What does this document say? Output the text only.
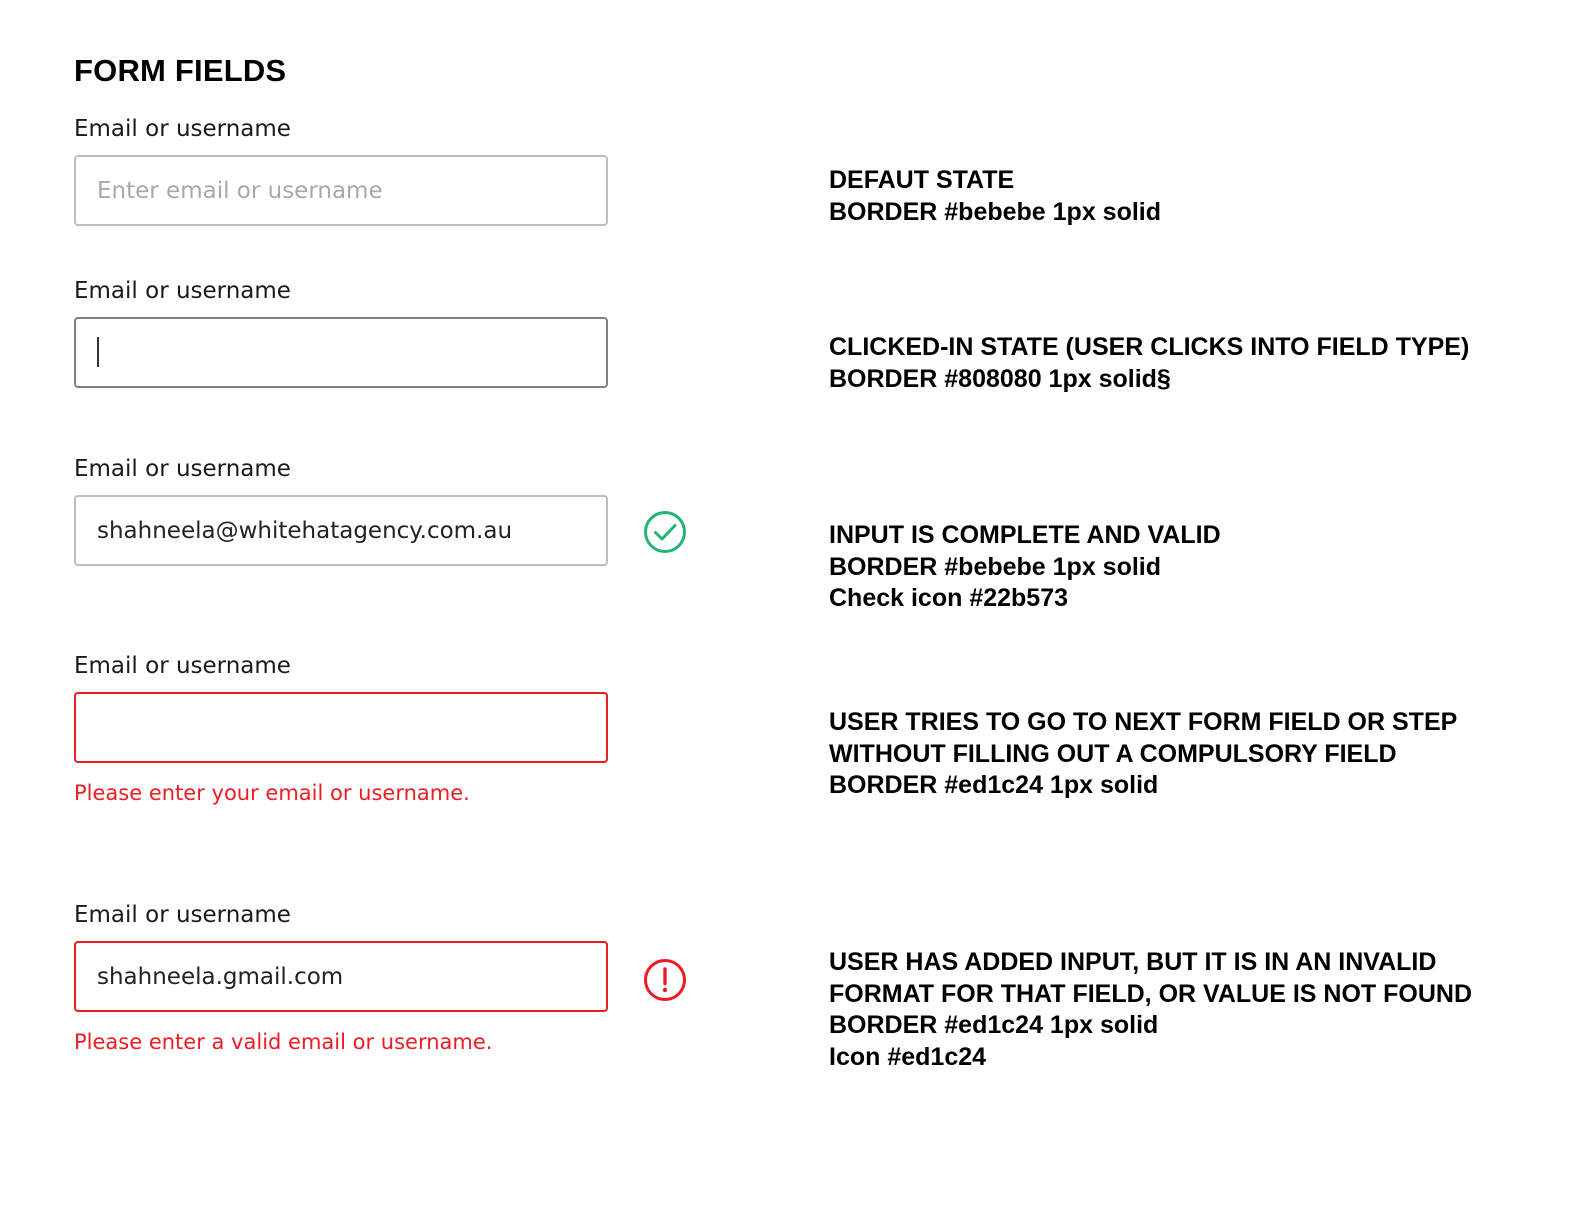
FORM FIELDS
Email or username
Enter email or username
Email or username
Email or username
shahneela@whitehatagency.com.au
Email or username
Please enter your email or username.
Email or username
shahneela.gmail.com
Please enter a valid email or username.
DEFAUT STATE
BORDER #bebebe 1px solid
CLICKED-IN STATE (USER CLICKS INTO FIELD TYPE)
BORDER #808080 1px solid§
INPUT IS COMPLETE AND VALID
BORDER #bebebe 1px solid
Check icon #22b573
USER TRIES TO GO TO NEXT FORM FIELD OR STEP
WITHOUT FILLING OUT A COMPULSORY FIELD
BORDER #ed1c24 1px solid
USER HAS ADDED INPUT, BUT IT IS IN AN INVALID
FORMAT FOR THAT FIELD, OR VALUE IS NOT FOUND
BORDER #ed1c24 1px solid
Icon #ed1c24
